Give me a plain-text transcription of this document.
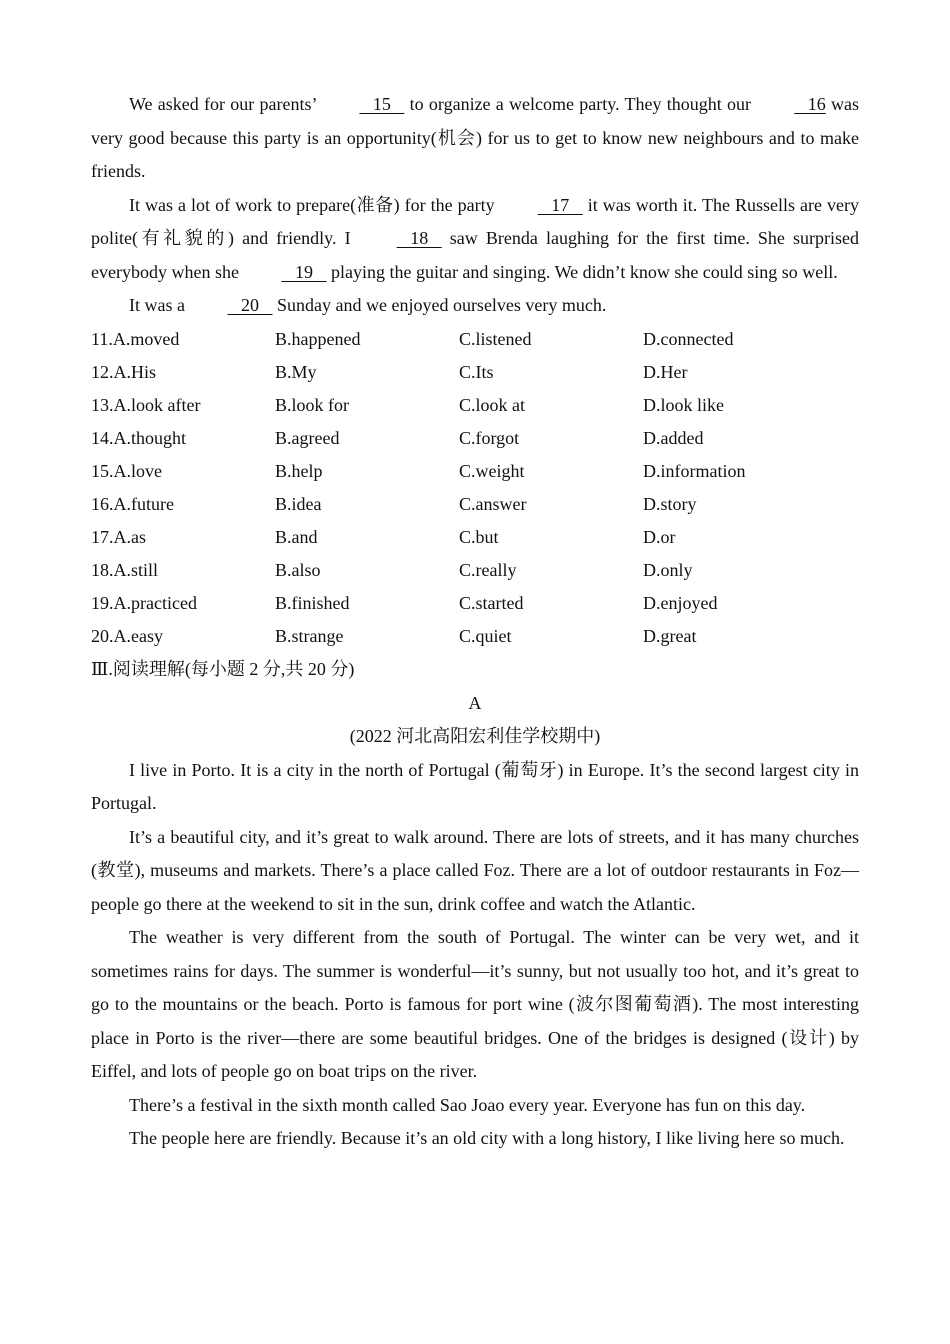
We asked for our parents’    15    to organize a welcome party. They thought our    16 was very good because this party is an opportunity(机会) for us to get to know new neighbours and to make friends.

It was a lot of work to prepare(准备) for the party    17    it was worth it. The Russells are very polite(有礼貌的) and friendly. I    18    saw Brenda laughing for the first time. She surprised everybody when she    19    playing the guitar and singing. We didn’t know she could sing so well.

It was a    20    Sunday and we enjoyed ourselves very much.

11.A.moved	B.happened	C.listened	D.connected
12.A.His	B.My	C.Its	D.Her
13.A.look after	B.look for	C.look at	D.look like
14.A.thought	B.agreed	C.forgot	D.added
15.A.love	B.help	C.weight	D.information
16.A.future	B.idea	C.answer	D.story
17.A.as	B.and	C.but	D.or
18.A.still	B.also	C.really	D.only
19.A.practiced	B.finished	C.started	D.enjoyed
20.A.easy	B.strange	C.quiet	D.great

Ⅲ.阅读理解(每小题 2 分,共 20 分)

A

(2022 河北高阳宏利佳学校期中)

I live in Porto. It is a city in the north of Portugal (葡萄牙) in Europe. It’s the second largest city in Portugal.

It’s a beautiful city, and it’s great to walk around. There are lots of streets, and it has many churches (教堂), museums and markets. There’s a place called Foz. There are a lot of outdoor restaurants in Foz—people go there at the weekend to sit in the sun, drink coffee and watch the Atlantic.

The weather is very different from the south of Portugal. The winter can be very wet, and it sometimes rains for days. The summer is wonderful—it’s sunny, but not usually too hot, and it’s great to go to the mountains or the beach. Porto is famous for port wine (波尔图葡萄酒). The most interesting place in Porto is the river—there are some beautiful bridges. One of the bridges is designed (设计) by Eiffel, and lots of people go on boat trips on the river.

There’s a festival in the sixth month called Sao Joao every year. Everyone has fun on this day.

The people here are friendly. Because it’s an old city with a long history, I like living here so much.
